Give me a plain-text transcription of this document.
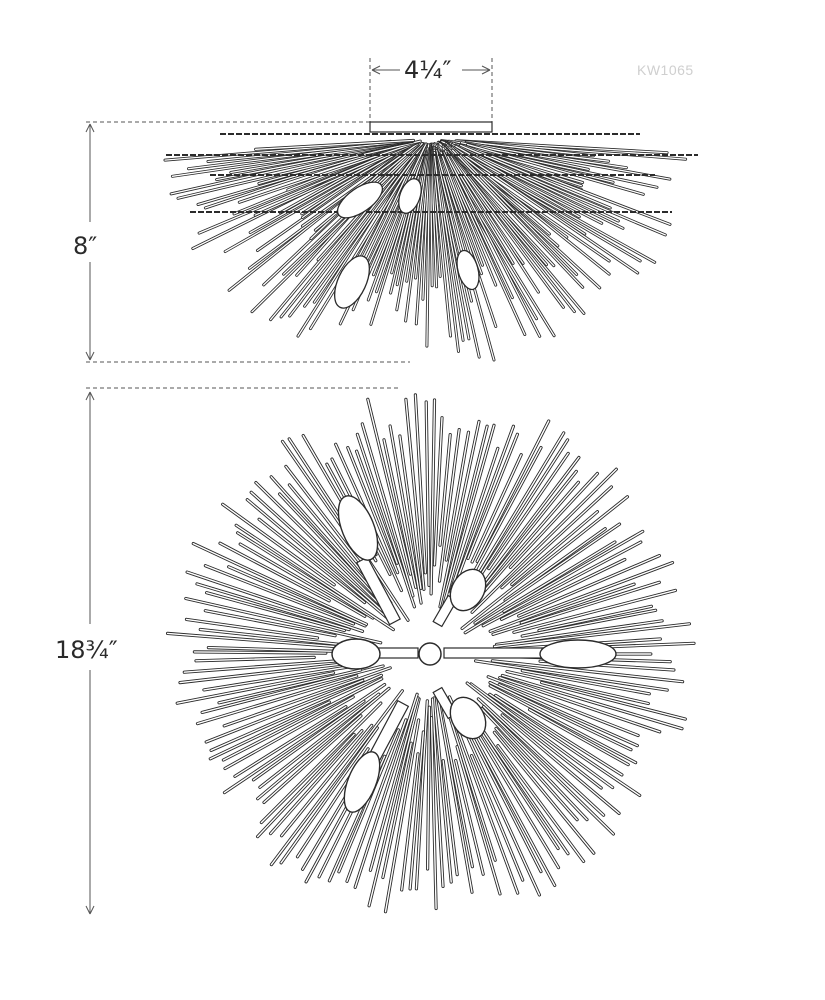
4¼″
8″
18¾″
KW1065
